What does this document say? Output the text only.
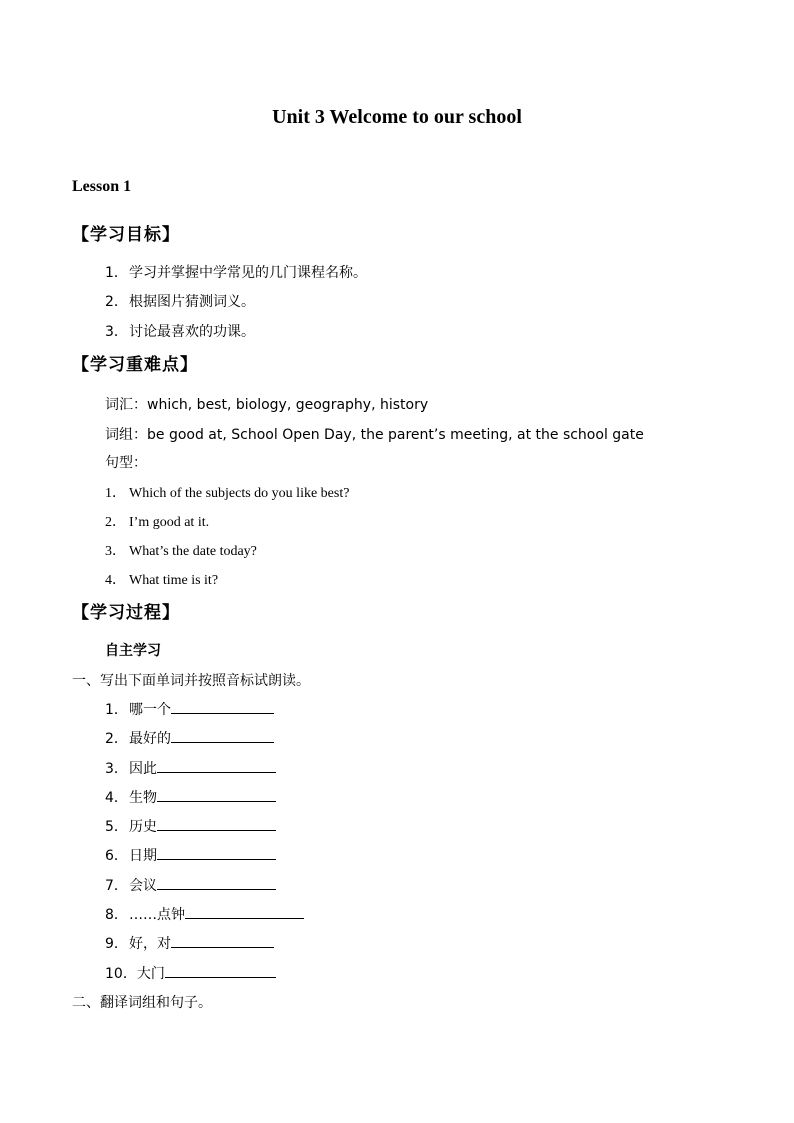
Unit 3 Welcome to our school
Lesson 1
【学习目标】
1．学习并掌握中学常见的几门课程名称。
2．根据图片猜测词义。
3．讨论最喜欢的功课。
【学习重难点】
词汇：which, best, biology, geography, history
词组：be good at, School Open Day, the parent’s meeting, at the school gate
句型：
1． Which of the subjects do you like best?
2． I’m good at it.
3． What’s the date today?
4． What time is it?
【学习过程】
自主学习
一、写出下面单词并按照音标试朗读。
1．哪一个
2．最好的
3．因此
4．生物
5．历史
6．日期
7．会议
8．……点钟
9．好，对
10．大门
二、翻译词组和句子。
